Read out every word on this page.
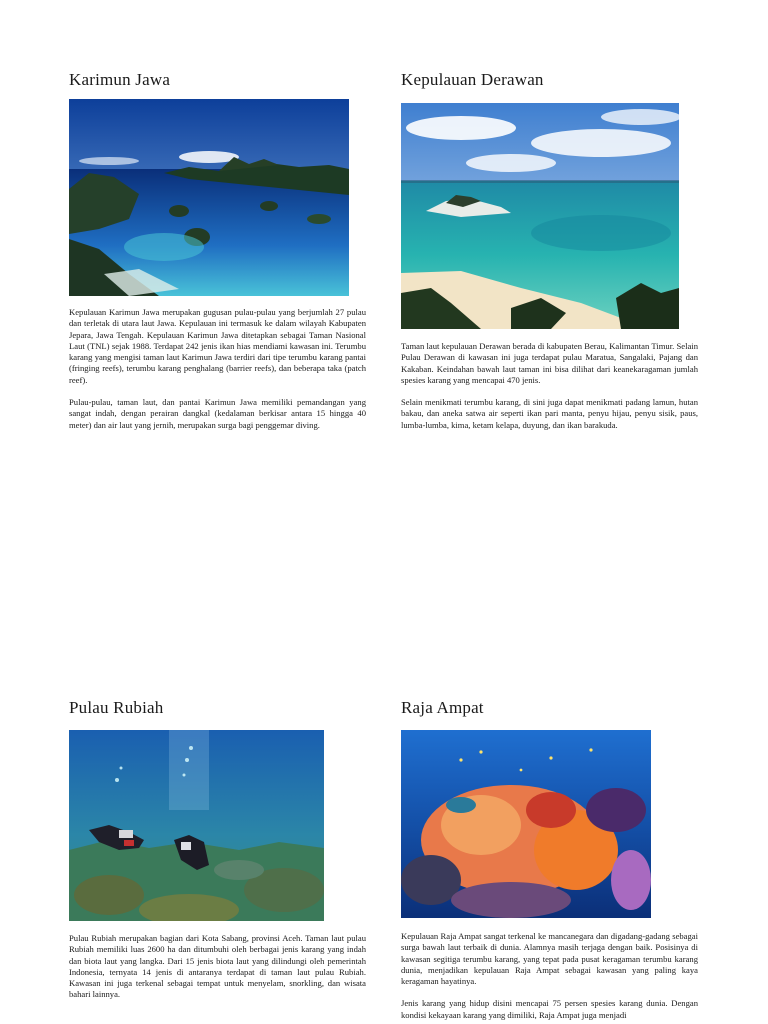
Karimun Jawa

Kepulauan Karimun Jawa merupakan gugusan pulau-pulau yang berjumlah 27 pulau dan terletak di utara laut Jawa. Kepulauan ini termasuk ke dalam wilayah Kabupaten Jepara, Jawa Tengah. Kepulauan Karimun Jawa ditetapkan sebagai Taman Nasional Laut (TNL) sejak 1988. Terdapat 242 jenis ikan hias mendiami kawasan ini. Terumbu karang yang mengisi taman laut Karimun Jawa terdiri dari tipe terumbu karang pantai (fringing reefs), terumbu karang penghalang (barrier reefs), dan beberapa taka (patch reef).

Pulau-pulau, taman laut, dan pantai Karimun Jawa memiliki pemandangan yang sangat indah, dengan perairan dangkal (kedalaman berkisar antara 15 hingga 40 meter) dan air laut yang jernih, merupakan surga bagi penggemar diving.

Kepulauan Derawan

Taman laut kepulauan Derawan berada di kabupaten Berau, Kalimantan Timur. Selain Pulau Derawan di kawasan ini juga terdapat pulau Maratua, Sangalaki, Pajang dan Kakaban. Keindahan bawah laut taman ini bisa dilihat dari keanekaragaman jumlah spesies karang yang mencapai 470 jenis.

Selain menikmati terumbu karang, di sini juga dapat menikmati padang lamun, hutan bakau, dan aneka satwa air seperti ikan pari manta, penyu hijau, penyu sisik, paus, lumba-lumba, kima, ketam kelapa, duyung, dan ikan barakuda.

Pulau Rubiah

Pulau Rubiah merupakan bagian dari Kota Sabang, provinsi Aceh. Taman laut pulau Rubiah memiliki luas 2600 ha dan ditumbuhi oleh berbagai jenis karang yang indah dan biota laut yang langka. Dari 15 jenis biota laut yang dilindungi oleh pemerintah Indonesia, ternyata 14 jenis di antaranya terdapat di taman laut pulau Rubiah. Kawasan ini juga terkenal sebagai tempat untuk menyelam, snorkling, dan wisata bahari lainnya.

Raja Ampat

Kepulauan Raja Ampat sangat terkenal ke mancanegara dan digadang-gadang sebagai surga bawah laut terbaik di dunia. Alamnya masih terjaga dengan baik. Posisinya di kawasan segitiga terumbu karang, yang tepat pada pusat keragaman terumbu karang dunia, menjadikan kepulauan Raja Ampat sebagai kawasan yang paling kaya keragaman hayatinya.

Jenis karang yang hidup disini mencapai 75 persen spesies karang dunia. Dengan kondisi kekayaan karang yang dimiliki, Raja Ampat juga menjadi
